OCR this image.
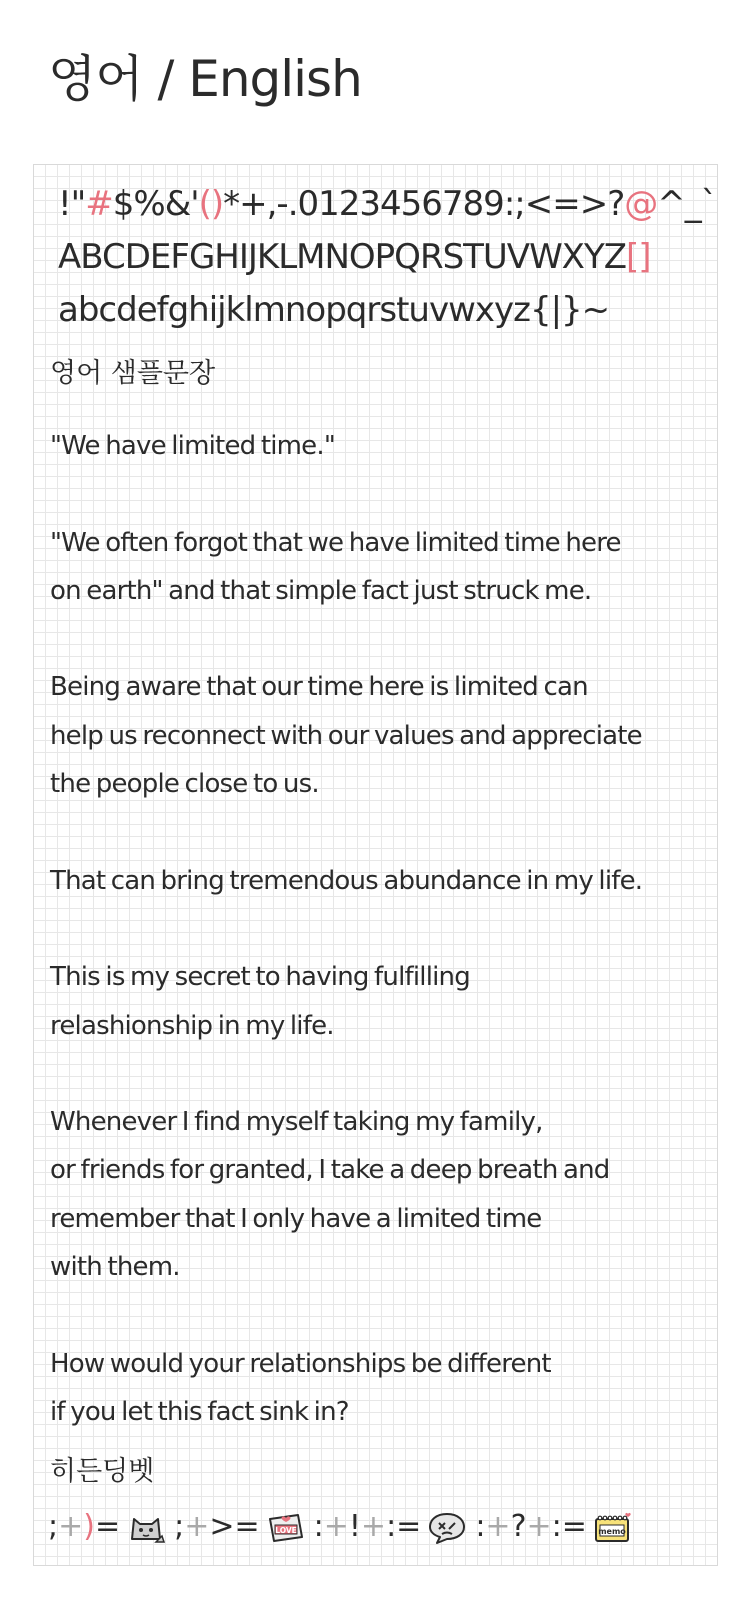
영어 / English
!"#$%&'()*+,-.0123456789:;<=>?@^_`
ABCDEFGHIJKLMNOPQRSTUVWXYZ[]
abcdefghijklmnopqrstuvwxyz{|}~
영어 샘플문장
"We have limited time."
"We often forgot that we have limited time here
on earth" and that simple fact just struck me.
Being aware that our time here is limited can
help us reconnect with our values and appreciate
the people close to us.
That can bring tremendous abundance in my life.
This is my secret to having fulfilling
relashionship in my life.
Whenever I find myself taking my family,
or friends for granted, I take a deep breath and
remember that I only have a limited time
with them.
How would your relationships be different
if you let this fact sink in?
히든딩벳
; + ) = ; + >= LOVE : + ! + := : + ? + := memo
